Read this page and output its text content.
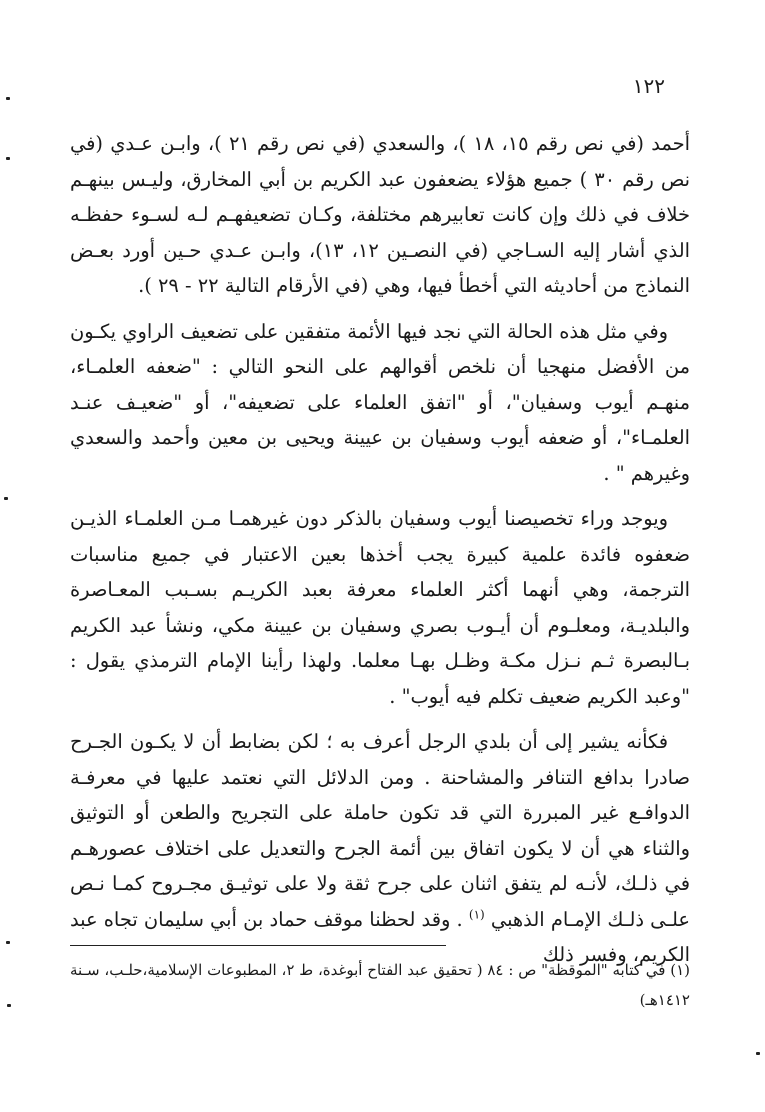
١٢٢

أحمد (في نص رقم ١٥، ١٨ )، والسعدي (في نص رقم ٢١ )، وابـن عـدي (في نص رقم ٣٠ ) جميع هؤلاء يضعفون عبد الكريم بن أبي المخارق، وليـس بينهـم خلاف في ذلك وإن كانت تعابيرهم مختلفة، وكـان تضعيفهـم لـه لسـوء حفظـه الذي أشار إليه السـاجي (في النصـين ١٢، ١٣)، وابـن عـدي حـين أورد بعـض النماذج من أحاديثه التي أخطأ فيها، وهي (في الأرقام التالية ٢٢ - ٢٩ ).

وفي مثل هذه الحالة التي نجد فيها الأئمة متفقين على تضعيف الراوي يكـون من الأفضل منهجيا أن نلخص أقوالهم على النحو التالي : "ضعفه العلمـاء، منهـم أيوب وسفيان"، أو "اتفق العلماء على تضعيفه"، أو "ضعيـف عنـد العلمـاء"، أو ضعفه أيوب وسفيان بن عيينة ويحيى بن معين وأحمد والسعدي وغيرهم " .

ويوجد وراء تخصيصنا أيوب وسفيان بالذكر دون غيرهمـا مـن العلمـاء الذيـن ضعفوه فائدة علمية كبيرة يجب أخذها بعين الاعتبار في جميع مناسبات الترجمة، وهي أنهما أكثر العلماء معرفة بعبد الكريـم بسـبب المعـاصرة والبلديـة، ومعلـوم أن أيـوب بصري وسفيان بن عيينة مكي، ونشأ عبد الكريم بـالبصرة ثـم نـزل مكـة وظـل بهـا معلما. ولهذا رأينا الإمام الترمذي يقول : "وعبد الكريم ضعيف تكلم فيه أيوب" .

فكأنه يشير إلى أن بلدي الرجل أعرف به ؛ لكن بضابط أن لا يكـون الجـرح صادرا بدافع التنافر والمشاحنة . ومن الدلائل التي نعتمد عليها في معرفـة الدوافـع غير المبررة التي قد تكون حاملة على التجريح والطعن أو التوثيق والثناء هي أن لا يكون اتفاق بين أئمة الجرح والتعديل على اختلاف عصورهـم في ذلـك، لأنـه لم يتفق اثنان على جرح ثقة ولا على توثيـق مجـروح كمـا نـص علـى ذلـك الإمـام الذهبي $^{(١)}$ . وقد لحظنا موقف حماد بن أبي سليمان تجاه عبد الكريم، وفسر ذلك

(١) في كتابه "الموقظة" ص : ٨٤ ( تحقيق عبد الفتاح أبوغدة، ط ٢، المطبوعات الإسلامية،حلـب، سـنة ١٤١٢هـ)
